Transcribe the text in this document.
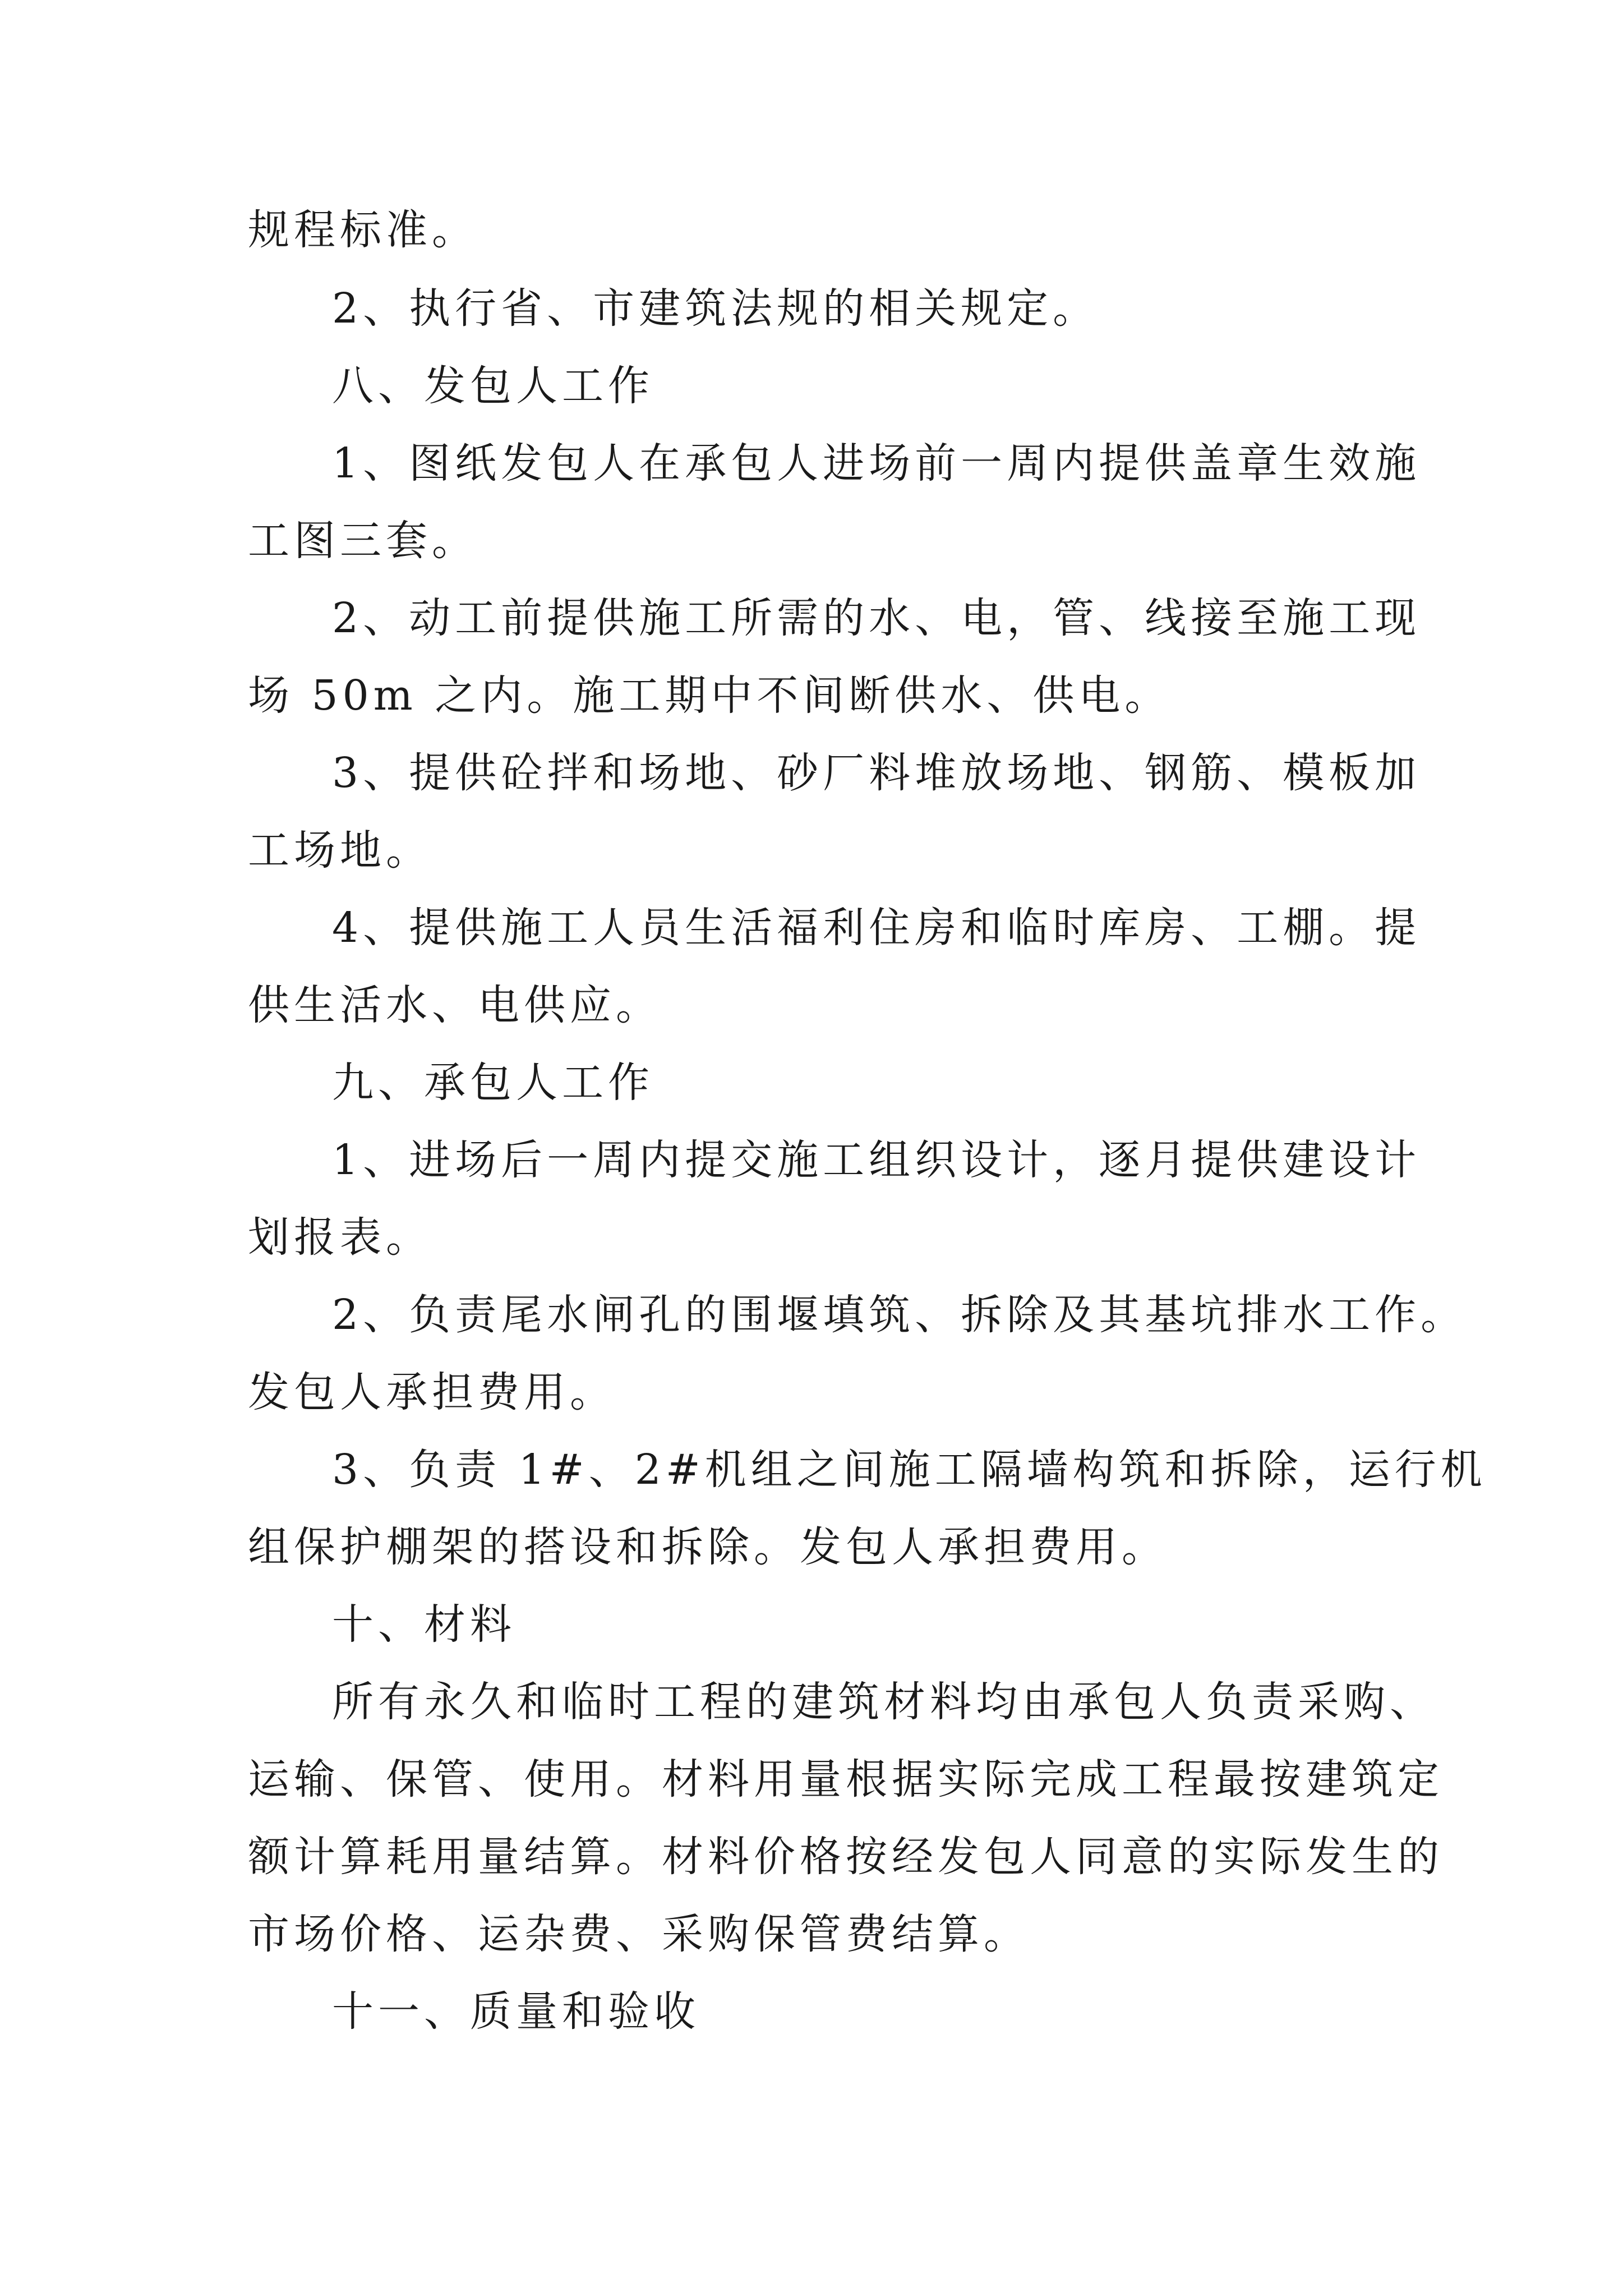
规程标准。
2、执行省、市建筑法规的相关规定。
八、发包人工作
1、图纸发包人在承包人进场前一周内提供盖章生效施
工图三套。
2、动工前提供施工所需的水、电，管、线接至施工现
场 50m 之内。施工期中不间断供水、供电。
3、提供砼拌和场地、砂厂料堆放场地、钢筋、模板加
工场地。
4、提供施工人员生活福利住房和临时库房、工棚。提
供生活水、电供应。
九、承包人工作
1、进场后一周内提交施工组织设计，逐月提供建设计
划报表。
2、负责尾水闸孔的围堰填筑、拆除及其基坑排水工作。
发包人承担费用。
3、负责 1#、2#机组之间施工隔墙构筑和拆除，运行机
组保护棚架的搭设和拆除。发包人承担费用。
十、材料
所有永久和临时工程的建筑材料均由承包人负责采购、
运输、保管、使用。材料用量根据实际完成工程最按建筑定
额计算耗用量结算。材料价格按经发包人同意的实际发生的
市场价格、运杂费、采购保管费结算。
十一、质量和验收
